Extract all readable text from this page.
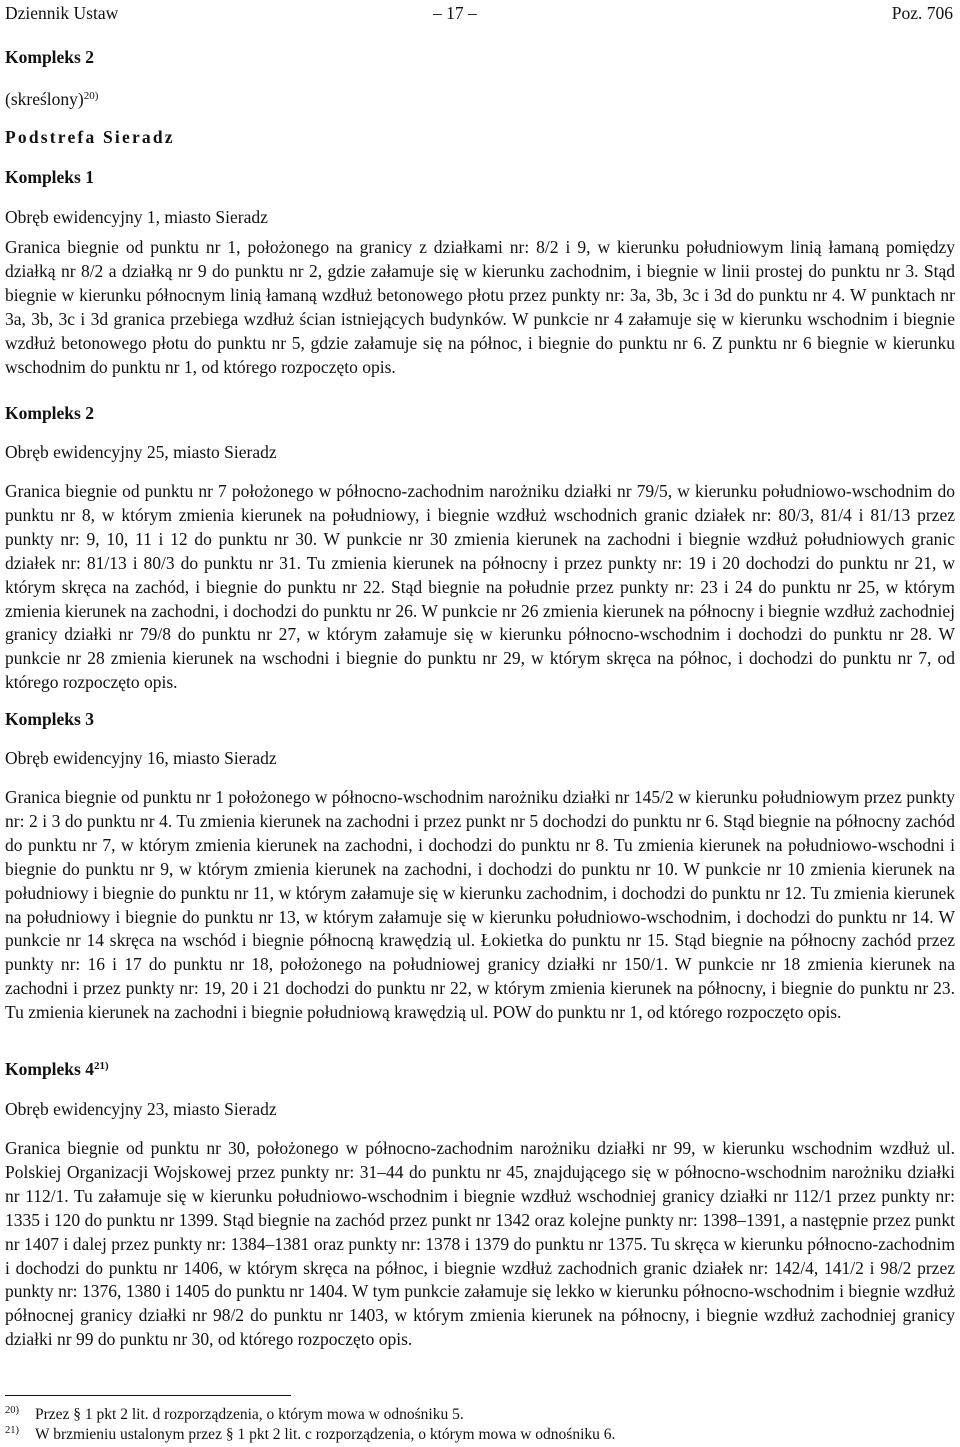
Dziennik Ustaw	– 17 –	Poz. 706
Kompleks 2
(skreślony)$^{20)}$
Podstrefa Sieradz
Kompleks 1
Obręb ewidencyjny 1, miasto Sieradz
Granica biegnie od punktu nr 1, położonego na granicy z działkami nr: 8/2 i 9, w kierunku południowym linią łamaną pomiędzy działką nr 8/2 a działką nr 9 do punktu nr 2, gdzie załamuje się w kierunku zachodnim, i biegnie w linii prostej do punktu nr 3. Stąd biegnie w kierunku północnym linią łamaną wzdłuż betonowego płotu przez punkty nr: 3a, 3b, 3c i 3d do punktu nr 4. W punktach nr 3a, 3b, 3c i 3d granica przebiega wzdłuż ścian istniejących budynków. W punkcie nr 4 załamuje się w kierunku wschodnim i biegnie wzdłuż betonowego płotu do punktu nr 5, gdzie załamuje się na północ, i biegnie do punktu nr 6. Z punktu nr 6 biegnie w kierunku wschodnim do punktu nr 1, od którego rozpoczęto opis.
Kompleks 2
Obręb ewidencyjny 25, miasto Sieradz
Granica biegnie od punktu nr 7 położonego w północno-zachodnim narożniku działki nr 79/5, w kierunku południowo-wschodnim do punktu nr 8, w którym zmienia kierunek na południowy, i biegnie wzdłuż wschodnich granic działek nr: 80/3, 81/4 i 81/13 przez punkty nr: 9, 10, 11 i 12 do punktu nr 30. W punkcie nr 30 zmienia kierunek na zachodni i biegnie wzdłuż południowych granic działek nr: 81/13 i 80/3 do punktu nr 31. Tu zmienia kierunek na północny i przez punkty nr: 19 i 20 dochodzi do punktu nr 21, w którym skręca na zachód, i biegnie do punktu nr 22. Stąd biegnie na południe przez punkty nr: 23 i 24 do punktu nr 25, w którym zmienia kierunek na zachodni, i dochodzi do punktu nr 26. W punkcie nr 26 zmienia kierunek na północny i biegnie wzdłuż zachodniej granicy działki nr 79/8 do punktu nr 27, w którym załamuje się w kierunku północno-wschodnim i dochodzi do punktu nr 28. W punkcie nr 28 zmienia kierunek na wschodni i biegnie do punktu nr 29, w którym skręca na północ, i dochodzi do punktu nr 7, od którego rozpoczęto opis.
Kompleks 3
Obręb ewidencyjny 16, miasto Sieradz
Granica biegnie od punktu nr 1 położonego w północno-wschodnim narożniku działki nr 145/2 w kierunku południowym przez punkty nr: 2 i 3 do punktu nr 4. Tu zmienia kierunek na zachodni i przez punkt nr 5 dochodzi do punktu nr 6. Stąd biegnie na północny zachód do punktu nr 7, w którym zmienia kierunek na zachodni, i dochodzi do punktu nr 8. Tu zmienia kierunek na południowo-wschodni i biegnie do punktu nr 9, w którym zmienia kierunek na zachodni, i dochodzi do punktu nr 10. W punkcie nr 10 zmienia kierunek na południowy i biegnie do punktu nr 11, w którym załamuje się w kierunku zachodnim, i dochodzi do punktu nr 12. Tu zmienia kierunek na południowy i biegnie do punktu nr 13, w którym załamuje się w kierunku południowo-wschodnim, i dochodzi do punktu nr 14. W punkcie nr 14 skręca na wschód i biegnie północną krawędzią ul. Łokietka do punktu nr 15. Stąd biegnie na północny zachód przez punkty nr: 16 i 17 do punktu nr 18, położonego na południowej granicy działki nr 150/1. W punkcie nr 18 zmienia kierunek na zachodni i przez punkty nr: 19, 20 i 21 dochodzi do punktu nr 22, w którym zmienia kierunek na północny, i biegnie do punktu nr 23. Tu zmienia kierunek na zachodni i biegnie południową krawędzią ul. POW do punktu nr 1, od którego rozpoczęto opis.
Kompleks 4$^{21)}$
Obręb ewidencyjny 23, miasto Sieradz
Granica biegnie od punktu nr 30, położonego w północno-zachodnim narożniku działki nr 99, w kierunku wschodnim wzdłuż ul. Polskiej Organizacji Wojskowej przez punkty nr: 31–44 do punktu nr 45, znajdującego się w północno-wschodnim narożniku działki nr 112/1. Tu załamuje się w kierunku południowo-wschodnim i biegnie wzdłuż wschodniej granicy działki nr 112/1 przez punkty nr: 1335 i 120 do punktu nr 1399. Stąd biegnie na zachód przez punkt nr 1342 oraz kolejne punkty nr: 1398–1391, a następnie przez punkt nr 1407 i dalej przez punkty nr: 1384–1381 oraz punkty nr: 1378 i 1379 do punktu nr 1375. Tu skręca w kierunku północno-zachodnim i dochodzi do punktu nr 1406, w którym skręca na północ, i biegnie wzdłuż zachodnich granic działek nr: 142/4, 141/2 i 98/2 przez punkty nr: 1376, 1380 i 1405 do punktu nr 1404. W tym punkcie załamuje się lekko w kierunku północno-wschodnim i biegnie wzdłuż północnej granicy działki nr 98/2 do punktu nr 1403, w którym zmienia kierunek na północny, i biegnie wzdłuż zachodniej granicy działki nr 99 do punktu nr 30, od którego rozpoczęto opis.
20) Przez § 1 pkt 2 lit. d rozporządzenia, o którym mowa w odnośniku 5.
21) W brzmieniu ustalonym przez § 1 pkt 2 lit. c rozporządzenia, o którym mowa w odnośniku 6.
